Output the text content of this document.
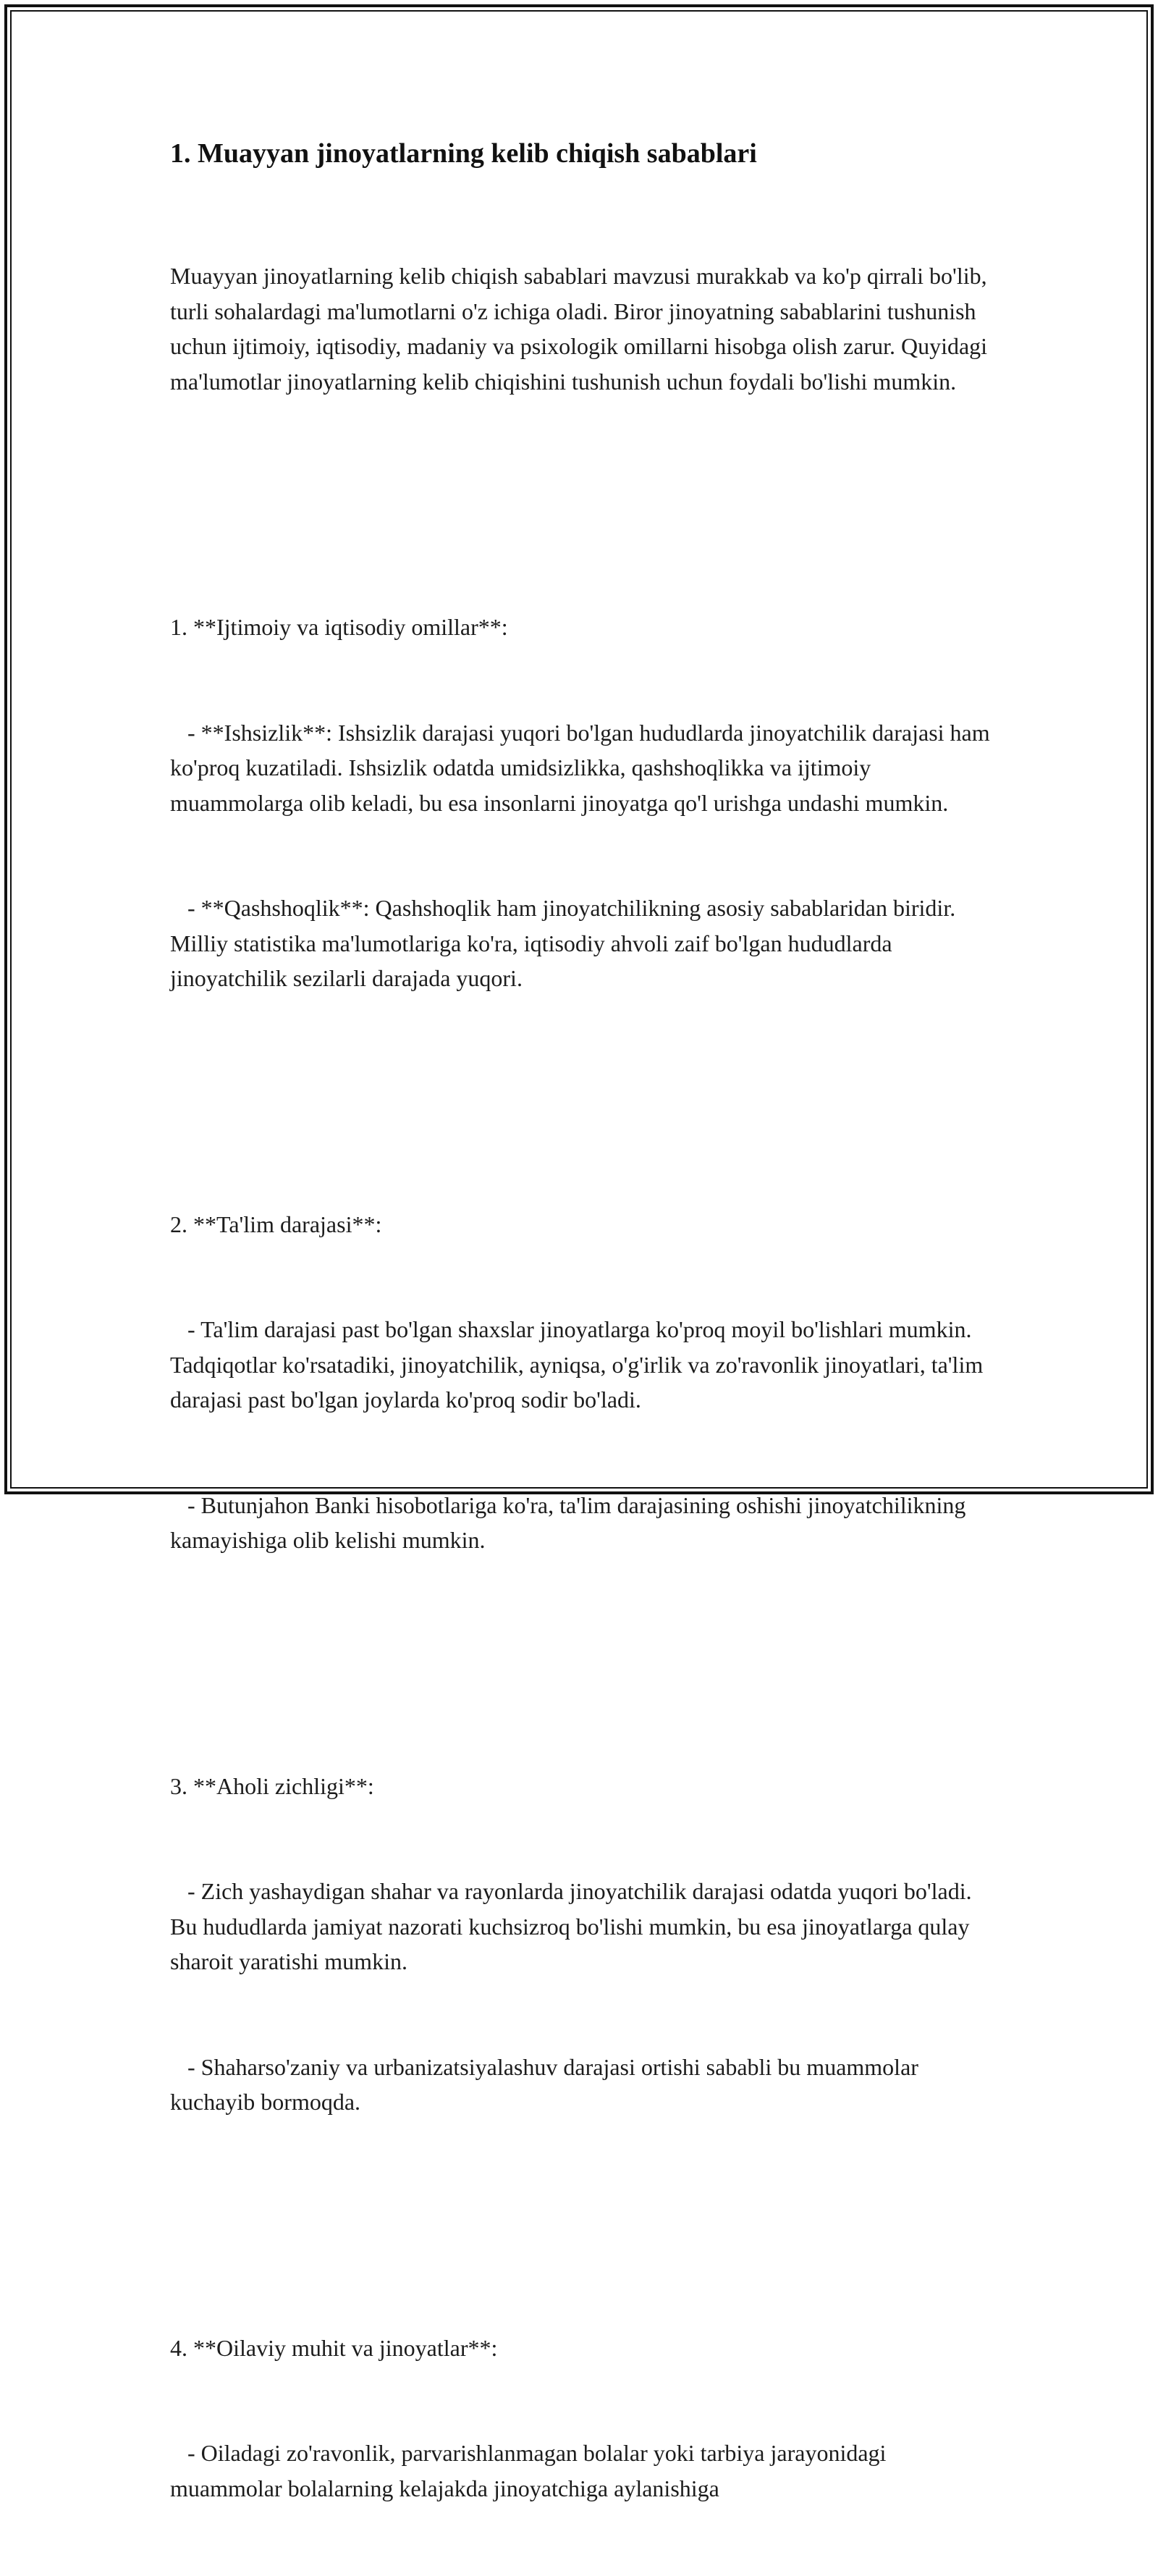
1. Muayyan jinoyatlarning kelib chiqish sabablari

Muayyan jinoyatlarning kelib chiqish sabablari mavzusi murakkab va ko'p qirrali bo'lib, turli sohalardagi ma'lumotlarni o'z ichiga oladi. Biror jinoyatning sabablarini tushunish uchun ijtimoiy, iqtisodiy, madaniy va psixologik omillarni hisobga olish zarur. Quyidagi ma'lumotlar jinoyatlarning kelib chiqishini tushunish uchun foydali bo'lishi mumkin.

1. **Ijtimoiy va iqtisodiy omillar**:

- **Ishsizlik**: Ishsizlik darajasi yuqori bo'lgan hududlarda jinoyatchilik darajasi ham ko'proq kuzatiladi. Ishsizlik odatda umidsizlikka, qashshoqlikka va ijtimoiy muammolarga olib keladi, bu esa insonlarni jinoyatga qo'l urishga undashi mumkin.

- **Qashshoqlik**: Qashshoqlik ham jinoyatchilikning asosiy sabablaridan biridir. Milliy statistika ma'lumotlariga ko'ra, iqtisodiy ahvoli zaif bo'lgan hududlarda jinoyatchilik sezilarli darajada yuqori.

2. **Ta'lim darajasi**:

- Ta'lim darajasi past bo'lgan shaxslar jinoyatlarga ko'proq moyil bo'lishlari mumkin. Tadqiqotlar ko'rsatadiki, jinoyatchilik, ayniqsa, o'g'irlik va zo'ravonlik jinoyatlari, ta'lim darajasi past bo'lgan joylarda ko'proq sodir bo'ladi.

- Butunjahon Banki hisobotlariga ko'ra, ta'lim darajasining oshishi jinoyatchilikning kamayishiga olib kelishi mumkin.

3. **Aholi zichligi**:

- Zich yashaydigan shahar va rayonlarda jinoyatchilik darajasi odatda yuqori bo'ladi. Bu hududlarda jamiyat nazorati kuchsizroq bo'lishi mumkin, bu esa jinoyatlarga qulay sharoit yaratishi mumkin.

- Shaharso'zaniy va urbanizatsiyalashuv darajasi ortishi sababli bu muammolar kuchayib bormoqda.

4. **Oilaviy muhit va jinoyatlar**:

- Oiladagi zo'ravonlik, parvarishlanmagan bolalar yoki tarbiya jarayonidagi muammolar bolalarning kelajakda jinoyatchiga aylanishiga
